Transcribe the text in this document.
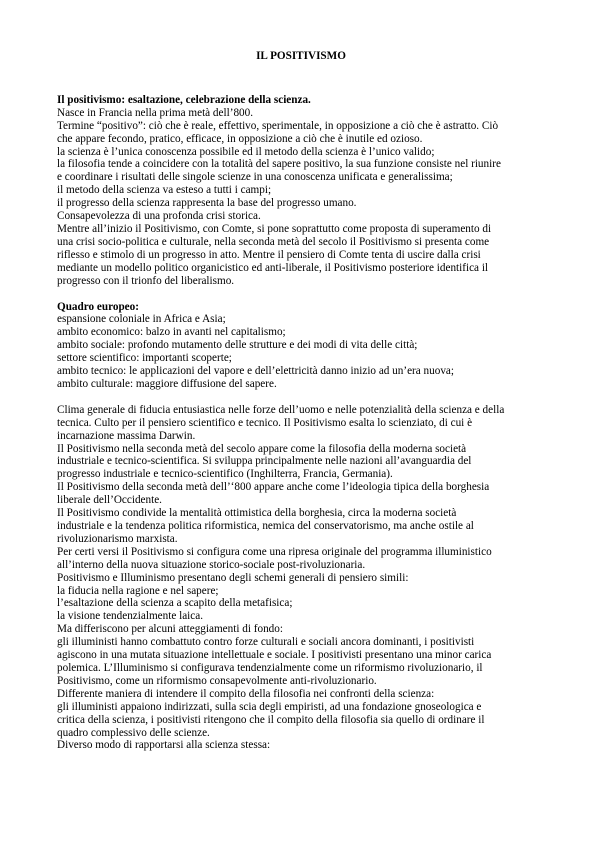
IL POSITIVISMO

Il positivismo: esaltazione, celebrazione della scienza.

Nasce in Francia nella prima metà dell’800.

Termine “positivo”: ciò che è reale, effettivo, sperimentale, in opposizione a ciò che è astratto. Ciò

che appare fecondo, pratico, efficace, in opposizione a ciò che è inutile ed ozioso.

la scienza è l’unica conoscenza possibile ed il metodo della scienza è l’unico valido;

la filosofia tende a coincidere con la totalità del sapere positivo, la sua funzione consiste nel riunire

e coordinare i risultati delle singole scienze in una conoscenza unificata e generalissima;

il metodo della scienza va esteso a tutti i campi;

il progresso della scienza rappresenta la base del progresso umano.

Consapevolezza di una profonda crisi storica.

Mentre all’inizio il Positivismo, con Comte, si pone soprattutto come proposta di superamento di

una crisi socio-politica e culturale, nella seconda metà del secolo il Positivismo si presenta come

riflesso e stimolo di un progresso in atto. Mentre il pensiero di Comte tenta di uscire dalla crisi

mediante un modello politico organicistico ed anti-liberale, il Positivismo posteriore identifica il

progresso con il trionfo del liberalismo.

Quadro europeo:

espansione coloniale in Africa e Asia;

ambito economico: balzo in avanti nel capitalismo;

ambito sociale: profondo mutamento delle strutture e dei modi di vita delle città;

settore scientifico: importanti scoperte;

ambito tecnico: le applicazioni del vapore e dell’elettricità danno inizio ad un’era nuova;

ambito culturale: maggiore diffusione del sapere.

Clima generale di fiducia entusiastica nelle forze dell’uomo e nelle potenzialità della scienza e della

tecnica. Culto per il pensiero scientifico e tecnico. Il Positivismo esalta lo scienziato, di cui è

incarnazione massima Darwin.

Il Positivismo nella seconda metà del secolo appare come la filosofia della moderna società

industriale e tecnico-scientifica. Si sviluppa principalmente nelle nazioni all’avanguardia del

progresso industriale e tecnico-scientifico (Inghilterra, Francia, Germania).

Il Positivismo della seconda metà dell’‘800 appare anche come l’ideologia tipica della borghesia

liberale dell’Occidente.

Il Positivismo condivide la mentalità ottimistica della borghesia, circa la moderna società

industriale e la tendenza politica riformistica, nemica del conservatorismo, ma anche ostile al

rivoluzionarismo marxista.

Per certi versi il Positivismo si configura come una ripresa originale del programma illuministico

all’interno della nuova situazione storico-sociale post-rivoluzionaria.

Positivismo e Illuminismo presentano degli schemi generali di pensiero simili:

la fiducia nella ragione e nel sapere;

l’esaltazione della scienza a scapito della metafisica;

la visione tendenzialmente laica.

Ma differiscono per alcuni atteggiamenti di fondo:

gli illuministi hanno combattuto contro forze culturali e sociali ancora dominanti, i positivisti

agiscono in una mutata situazione intellettuale e sociale. I positivisti presentano una minor carica

polemica. L’Illuminismo si configurava tendenzialmente come un riformismo rivoluzionario, il

Positivismo, come un riformismo consapevolmente anti-rivoluzionario.

Differente maniera di intendere il compito della filosofia nei confronti della scienza:

gli illuministi appaiono indirizzati, sulla scia degli empiristi, ad una fondazione gnoseologica e

critica della scienza, i positivisti ritengono che il compito della filosofia sia quello di ordinare il

quadro complessivo delle scienze.

Diverso modo di rapportarsi alla scienza stessa:
